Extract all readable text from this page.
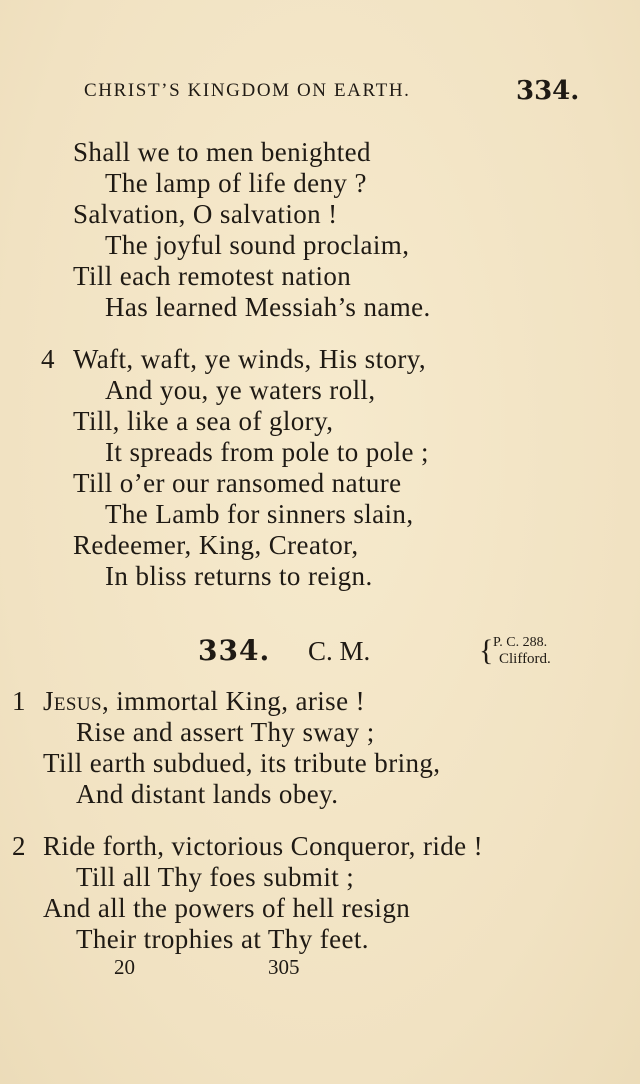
CHRIST’S KINGDOM ON EARTH.	334.
Shall we to men benighted
The lamp of life deny ?
Salvation, O salvation !
The joyful sound proclaim,
Till each remotest nation
Has learned Messiah’s name.
4 Waft, waft, ye winds, His story,
And you, ye waters roll,
Till, like a sea of glory,
It spreads from pole to pole ;
Till o’er our ransomed nature
The Lamb for sinners slain,
Redeemer, King, Creator,
In bliss returns to reign.
334. C. M.	{ P. C. 288.
Clifford.
1 Jesus, immortal King, arise !
Rise and assert Thy sway ;
Till earth subdued, its tribute bring,
And distant lands obey.
2 Ride forth, victorious Conqueror, ride !
Till all Thy foes submit ;
And all the powers of hell resign
Their trophies at Thy feet.
20	305
